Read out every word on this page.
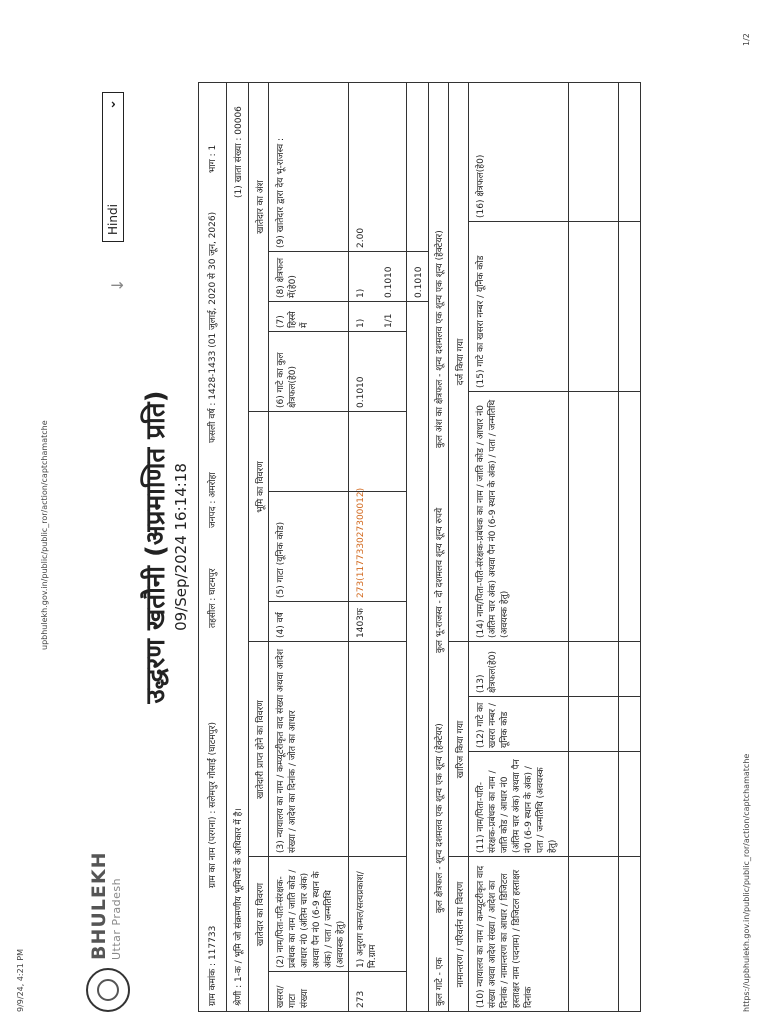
9/9/24, 4:21 PM
upbhulekh.gov.in/public/public_ror/action/captchamatche
https://upbhulekh.gov.in/public/public_ror/action/captchamatche
1/2
BHULEKH Uttar Pradesh
↓
Hindi
⌄
उद्धरण खतौनी (अप्रमाणित प्रति) 09/Sep/2024 16:14:18
ग्राम कमांक : 117733
ग्राम का नाम (परगना) : सलेमपुर गोसाईं (घाटमपुर)
तहसील : घाटमपुर
जनपद : अमरोहा
फसली वर्ष : 1428-1433 (01 जुलाई, 2020 से 30 जून, 2026)
भाग : 1
श्रेणी : 1-क / भूमि जो संक्रमणीय भूमिधरों के अधिकार में है।
(1) खाता संख्या : 00006
खातेदार का विवरण
खातेदारी प्राप्त होने का विवरण
भूमि का विवरण
खातेदार का अंश
खसरा/ गाटा संख्या
(2) नाम/पिता-पति-संरक्षक-प्रबंधक का नाम / जाति कोड / आधार नं0 (अंतिम चार अंक) अथवा पैन नं0 (6-9 स्थान के अंक) / पता / जन्मतिथि (अवयस्क हेतु)
(3) न्यायालय का नाम / कम्प्यूटरीकृत वाद संख्या अथवा आदेश संख्या / आदेश का दिनांक / जोत का आधार
(4) वर्ष
(5) गाटा (यूनिक कोड)
(6) गाटे का कुल क्षेत्रफल(हे0)
(7) हिस्से में
(8) क्षेत्रफल में(हे0)
(9) खातेदार द्वारा देय भू-राजस्व :
273
1) अनुराग कमल/सत्यप्रकाश/ मि.ग्राम
1403फ
273(117733027300012)
0.1010
1)	1/1
1)	0.1010
2.00
0.1010
कुल गाटे - एक
कुल क्षेत्रफल - शून्य दशमलव एक शून्य एक शून्य (हेक्टेयर)
कुल भू-राजस्व - दो दशमलव शून्य शून्य रुपये
कुल अंश का क्षेत्रफल - शून्य दशमलव एक शून्य एक शून्य (हेक्टेयर)
नामान्तरण / परिवर्तन का विवरण
खारिज किया गया
दर्ज किया गया
(10) न्यायालय का नाम / कम्प्यूटरीकृत वाद संख्या अथवा आदेश संख्या / आदेश का दिनांक / नामान्तरण का आधार / डिजिटल हस्ताक्षर नाम (पदनाम) / डिजिटल हस्ताक्षर दिनांक
(11) नाम/पिता-पति-संरक्षक-प्रबंधक का नाम / जाति कोड / आधार नं0 (अंतिम चार अंक) अथवा पैन नं0 (6-9 स्थान के अंक) / पता / जन्मतिथि (अवयस्क हेतु)
(12) गाटे का खसरा नम्बर / यूनिक कोड
(13) क्षेत्रफल(हे0)
(14) नाम/पिता-पति-संरक्षक-प्रबंधक का नाम / जाति कोड / आधार नं0 (अंतिम चार अंक) अथवा पैन नं0 (6-9 स्थान के अंक) / पता / जन्मतिथि (अवयस्क हेतु)
(15) गाटे का खसरा नम्बर / यूनिक कोड
(16) क्षेत्रफल(हे0)
